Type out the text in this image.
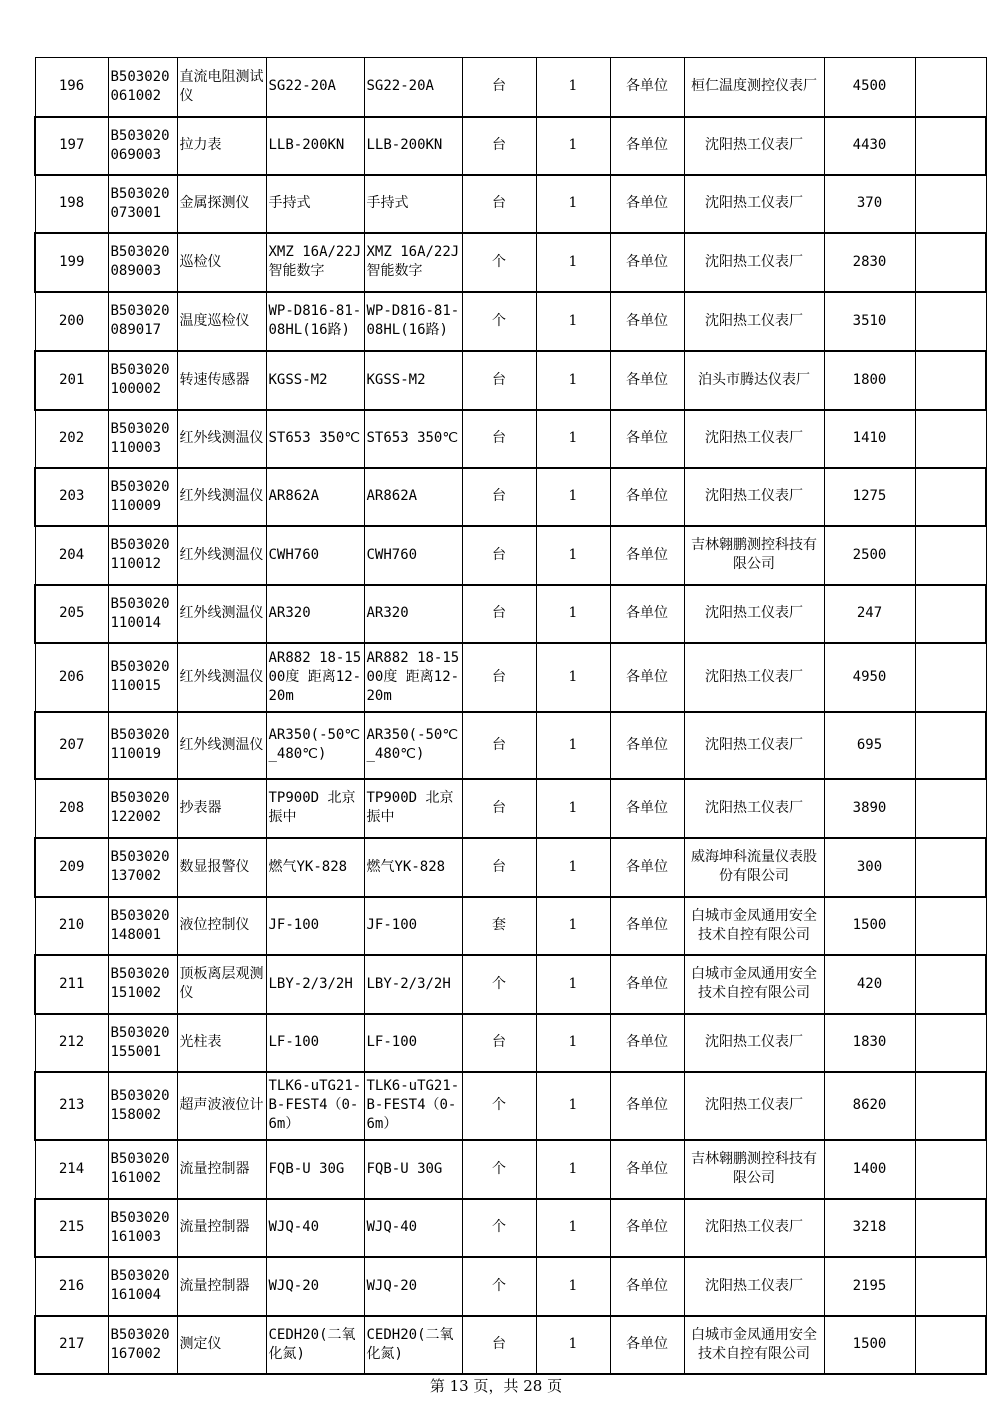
196	B503020061002	直流电阻测试仪	SG22-20A	SG22-20A	台	1	各单位	桓仁温度测控仪表厂	4500	
197	B503020069003	拉力表	LLB-200KN	LLB-200KN	台	1	各单位	沈阳热工仪表厂	4430	
198	B503020073001	金属探测仪	手持式	手持式	台	1	各单位	沈阳热工仪表厂	370	
199	B503020089003	巡检仪	XMZ 16A/22J智能数字	XMZ 16A/22J智能数字	个	1	各单位	沈阳热工仪表厂	2830	
200	B503020089017	温度巡检仪	WP-D816-81-08HL(16路)	WP-D816-81-08HL(16路)	个	1	各单位	沈阳热工仪表厂	3510	
201	B503020100002	转速传感器	KGSS-M2	KGSS-M2	台	1	各单位	泊头市腾达仪表厂	1800	
202	B503020110003	红外线测温仪	ST653 350℃	ST653 350℃	台	1	各单位	沈阳热工仪表厂	1410	
203	B503020110009	红外线测温仪	AR862A	AR862A	台	1	各单位	沈阳热工仪表厂	1275	
204	B503020110012	红外线测温仪	CWH760	CWH760	台	1	各单位	吉林翱鹏测控科技有限公司	2500	
205	B503020110014	红外线测温仪	AR320	AR320	台	1	各单位	沈阳热工仪表厂	247	
206	B503020110015	红外线测温仪	AR882 18-1500度 距离12-20m	AR882 18-1500度 距离12-20m	台	1	各单位	沈阳热工仪表厂	4950	
207	B503020110019	红外线测温仪	AR350(-50℃_480℃)	AR350(-50℃_480℃)	台	1	各单位	沈阳热工仪表厂	695	
208	B503020122002	抄表器	TP900D 北京振中	TP900D 北京振中	台	1	各单位	沈阳热工仪表厂	3890	
209	B503020137002	数显报警仪	燃气YK-828	燃气YK-828	台	1	各单位	威海坤科流量仪表股份有限公司	300	
210	B503020148001	液位控制仪	JF-100	JF-100	套	1	各单位	白城市金凤通用安全技术自控有限公司	1500	
211	B503020151002	顶板离层观测仪	LBY-2/3/2H	LBY-2/3/2H	个	1	各单位	白城市金凤通用安全技术自控有限公司	420	
212	B503020155001	光柱表	LF-100	LF-100	台	1	各单位	沈阳热工仪表厂	1830	
213	B503020158002	超声波液位计	TLK6-uTG21-B-FEST4（0-6m）	TLK6-uTG21-B-FEST4（0-6m）	个	1	各单位	沈阳热工仪表厂	8620	
214	B503020161002	流量控制器	FQB-U 30G	FQB-U 30G	个	1	各单位	吉林翱鹏测控科技有限公司	1400	
215	B503020161003	流量控制器	WJQ-40	WJQ-40	个	1	各单位	沈阳热工仪表厂	3218	
216	B503020161004	流量控制器	WJQ-20	WJQ-20	个	1	各单位	沈阳热工仪表厂	2195	
217	B503020167002	测定仪	CEDH20(二氧化氮)	CEDH20(二氧化氮)	台	1	各单位	白城市金凤通用安全技术自控有限公司	1500	
第 13 页，共 28 页
